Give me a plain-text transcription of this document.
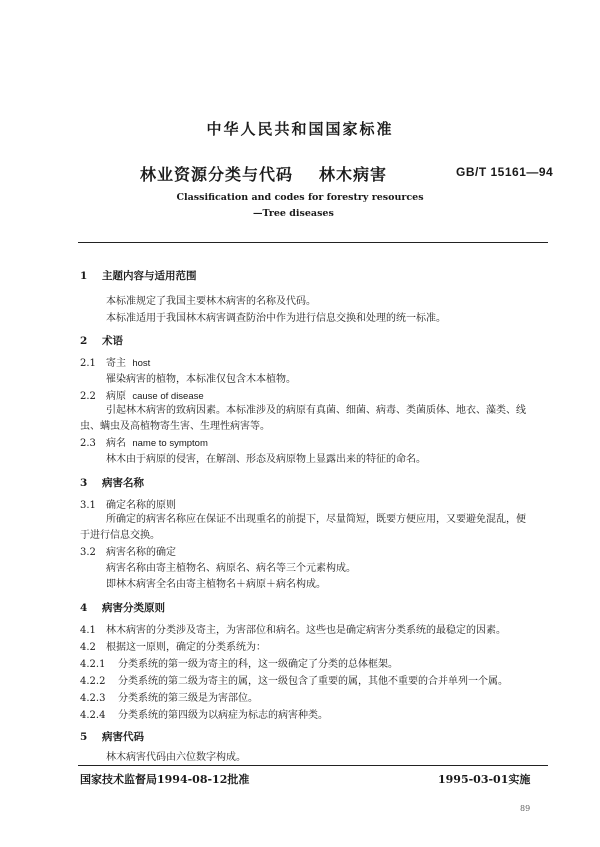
中华人民共和国国家标准
林业资源分类与代码 林木病害	GB/T 15161—94
Classification and codes for forestry resources
—Tree diseases
1 主题内容与适用范围
本标准规定了我国主要林木病害的名称及代码。
本标准适用于我国林木病害调查防治中作为进行信息交换和处理的统一标准。
2 术语
2.1 寄主 host
罹染病害的植物，本标准仅包含木本植物。
2.2 病原 cause of disease
引起林木病害的致病因素。本标准涉及的病原有真菌、细菌、病毒、类菌质体、地衣、藻类、线虫、螨虫及高植物寄生害、生理性病害等。
2.3 病名 name to symptom
林木由于病原的侵害，在解剖、形态及病原物上显露出来的特征的命名。
3 病害名称
3.1 确定名称的原则
所确定的病害名称应在保证不出现重名的前提下，尽量简短，既要方便应用，又要避免混乱，便于进行信息交换。
3.2 病害名称的确定
病害名称由寄主植物名、病原名、病名等三个元素构成。
即林木病害全名由寄主植物名＋病原＋病名构成。
4 病害分类原则
4.1 林木病害的分类涉及寄主，为害部位和病名。这些也是确定病害分类系统的最稳定的因素。
4.2 根据这一原则，确定的分类系统为：
4.2.1 分类系统的第一级为寄主的科，这一级确定了分类的总体框架。
4.2.2 分类系统的第二级为寄主的属，这一级包含了重要的属，其他不重要的合并单列一个属。
4.2.3 分类系统的第三级是为害部位。
4.2.4 分类系统的第四级为以病症为标志的病害种类。
5 病害代码
林木病害代码由六位数字构成。
国家技术监督局1994-08-12批准	1995-03-01实施
89
